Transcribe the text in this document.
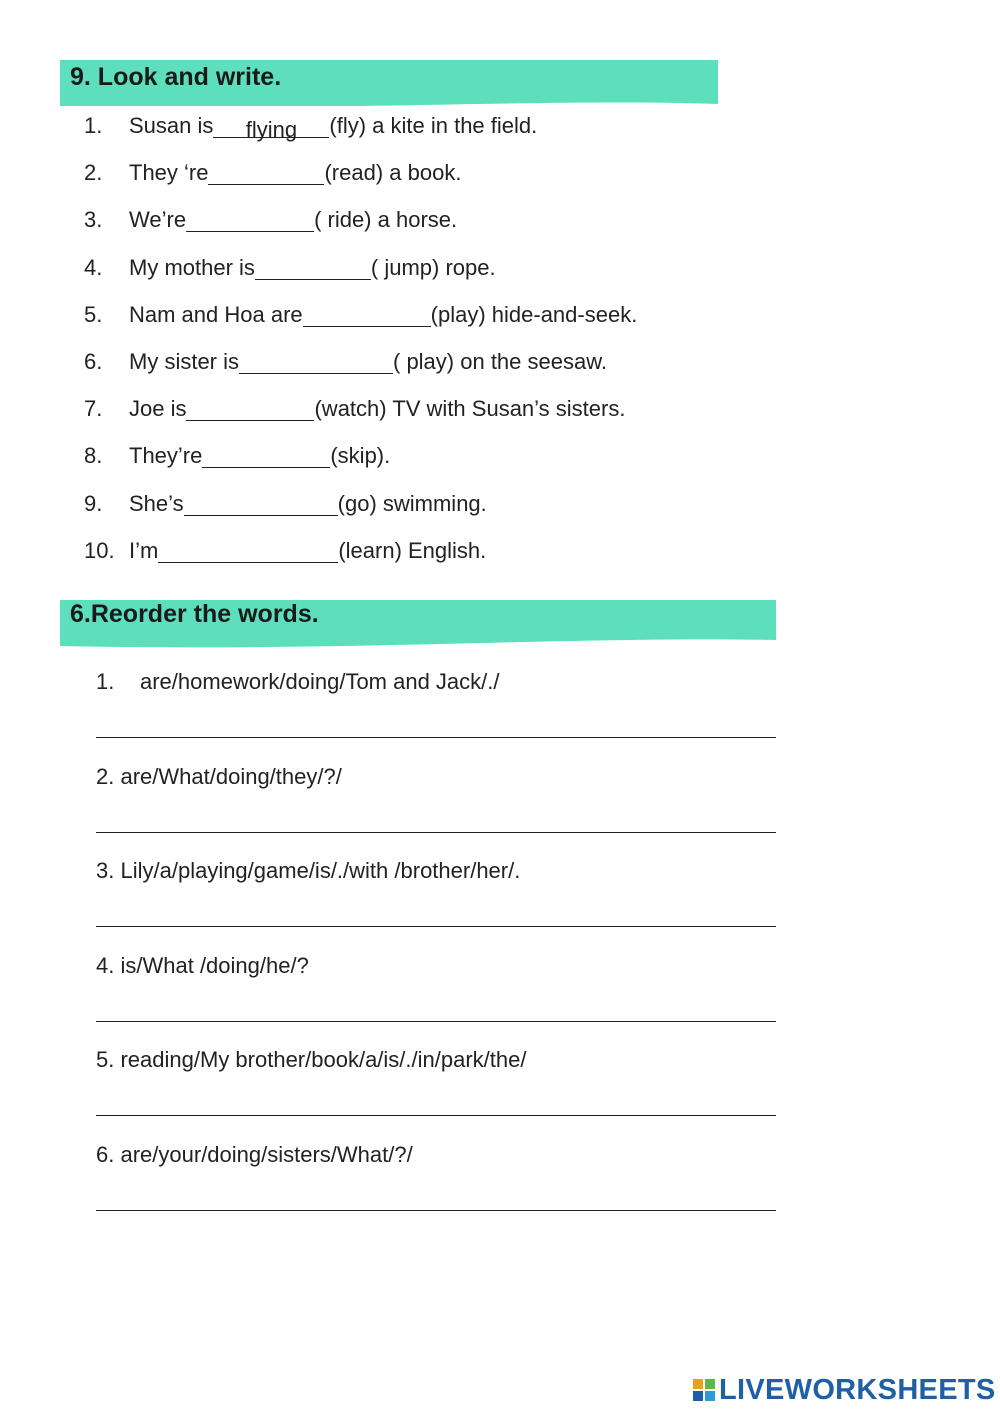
9. Look and write.
1.	Susan is	flying	(fly) a kite in the field.
2.	They ‘re	(read) a book.
3.	We’re	( ride) a horse.
4.	My mother is	( jump) rope.
5.	Nam and Hoa are	(play) hide-and-seek.
6.	My sister is	( play) on the seesaw.
7.	Joe is	(watch) TV with Susan’s sisters.
8.	They’re	(skip).
9.	She’s	(go) swimming.
10. I’m	(learn) English.
6.Reorder the words.
1. are/homework/doing/Tom and Jack/./
2. are/What/doing/they/?/
3. Lily/a/playing/game/is/./with /brother/her/.
4. is/What /doing/he/?
5. reading/My brother/book/a/is/./in/park/the/
6. are/your/doing/sisters/What/?/
LIVEWORKSHEETS
